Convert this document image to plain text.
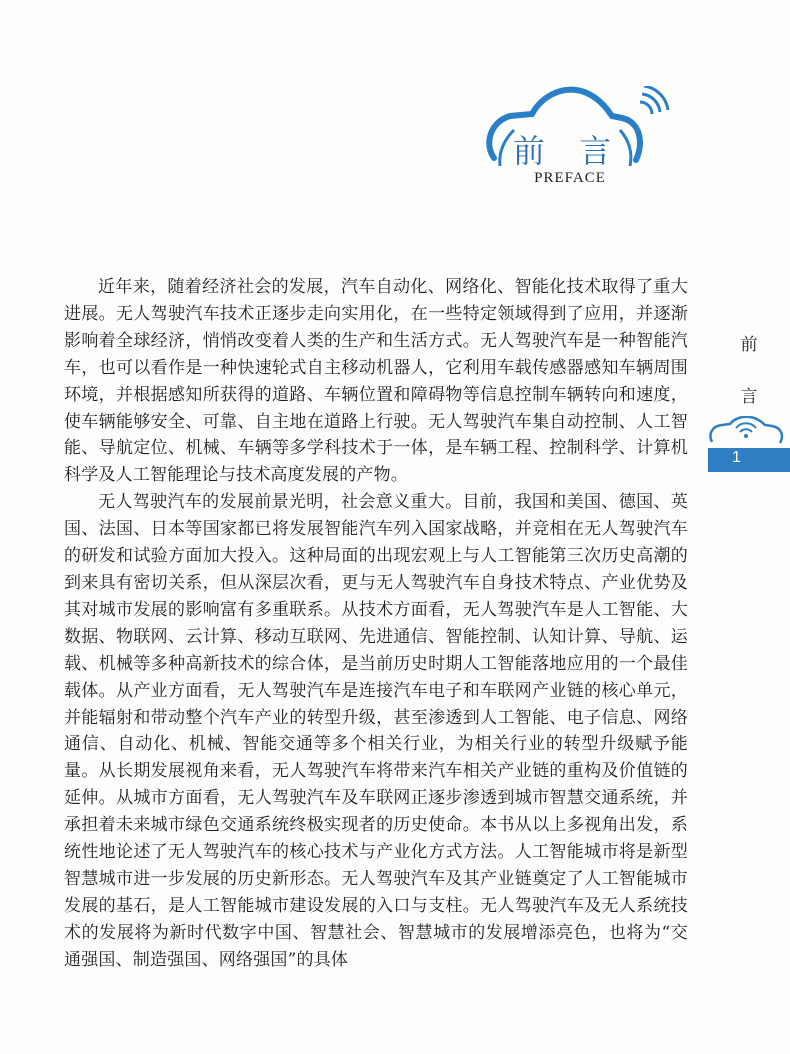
前 言
PREFACE

近年来，随着经济社会的发展，汽车自动化、网络化、智能化技术取得了重大进展。无人驾驶汽车技术正逐步走向实用化，在一些特定领域得到了应用，并逐渐影响着全球经济，悄悄改变着人类的生产和生活方式。无人驾驶汽车是一种智能汽车，也可以看作是一种快速轮式自主移动机器人，它利用车载传感器感知车辆周围环境，并根据感知所获得的道路、车辆位置和障碍物等信息控制车辆转向和速度，使车辆能够安全、可靠、自主地在道路上行驶。无人驾驶汽车集自动控制、人工智能、导航定位、机械、车辆等多学科技术于一体，是车辆工程、控制科学、计算机科学及人工智能理论与技术高度发展的产物。

无人驾驶汽车的发展前景光明，社会意义重大。目前，我国和美国、德国、英国、法国、日本等国家都已将发展智能汽车列入国家战略，并竞相在无人驾驶汽车的研发和试验方面加大投入。这种局面的出现宏观上与人工智能第三次历史高潮的到来具有密切关系，但从深层次看，更与无人驾驶汽车自身技术特点、产业优势及其对城市发展的影响富有多重联系。从技术方面看，无人驾驶汽车是人工智能、大数据、物联网、云计算、移动互联网、先进通信、智能控制、认知计算、导航、运载、机械等多种高新技术的综合体，是当前历史时期人工智能落地应用的一个最佳载体。从产业方面看，无人驾驶汽车是连接汽车电子和车联网产业链的核心单元，并能辐射和带动整个汽车产业的转型升级，甚至渗透到人工智能、电子信息、网络通信、自动化、机械、智能交通等多个相关行业，为相关行业的转型升级赋予能量。从长期发展视角来看，无人驾驶汽车将带来汽车相关产业链的重构及价值链的延伸。从城市方面看，无人驾驶汽车及车联网正逐步渗透到城市智慧交通系统，并承担着未来城市绿色交通系统终极实现者的历史使命。本书从以上多视角出发，系统性地论述了无人驾驶汽车的核心技术与产业化方式方法。人工智能城市将是新型智慧城市进一步发展的历史新形态。无人驾驶汽车及其产业链奠定了人工智能城市发展的基石，是人工智能城市建设发展的入口与支柱。无人驾驶汽车及无人系统技术的发展将为新时代数字中国、智慧社会、智慧城市的发展增添亮色，也将为“交通强国、制造强国、网络强国”的具体

前
言
1
